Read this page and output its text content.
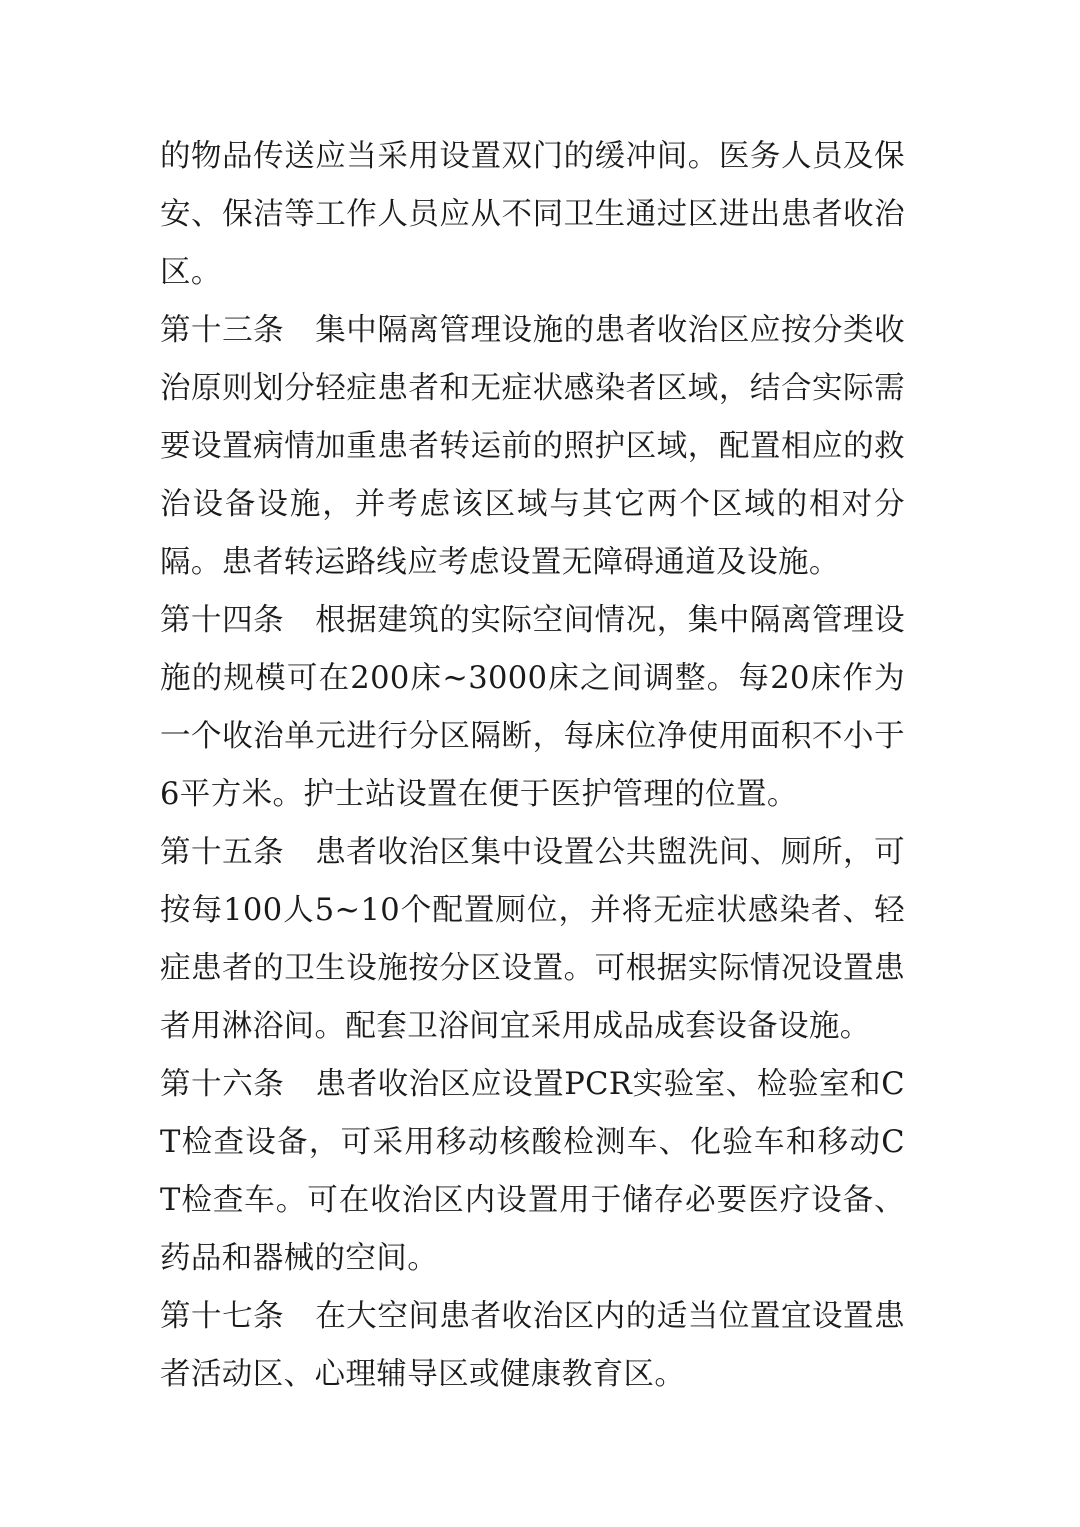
的物品传送应当采用设置双门的缓冲间。医务人员及保安、保洁等工作人员应从不同卫生通过区进出患者收治区。

第十三条　集中隔离管理设施的患者收治区应按分类收治原则划分轻症患者和无症状感染者区域，结合实际需要设置病情加重患者转运前的照护区域，配置相应的救治设备设施，并考虑该区域与其它两个区域的相对分隔。患者转运路线应考虑设置无障碍通道及设施。

第十四条　根据建筑的实际空间情况，集中隔离管理设施的规模可在200床~3000床之间调整。每20床作为一个收治单元进行分区隔断，每床位净使用面积不小于6平方米。护士站设置在便于医护管理的位置。

第十五条　患者收治区集中设置公共盥洗间、厕所，可按每100人5~10个配置厕位，并将无症状感染者、轻症患者的卫生设施按分区设置。可根据实际情况设置患者用淋浴间。配套卫浴间宜采用成品成套设备设施。

第十六条　患者收治区应设置PCR实验室、检验室和CT检查设备，可采用移动核酸检测车、化验车和移动CT检查车。可在收治区内设置用于储存必要医疗设备、药品和器械的空间。

第十七条　在大空间患者收治区内的适当位置宜设置患者活动区、心理辅导区或健康教育区。
